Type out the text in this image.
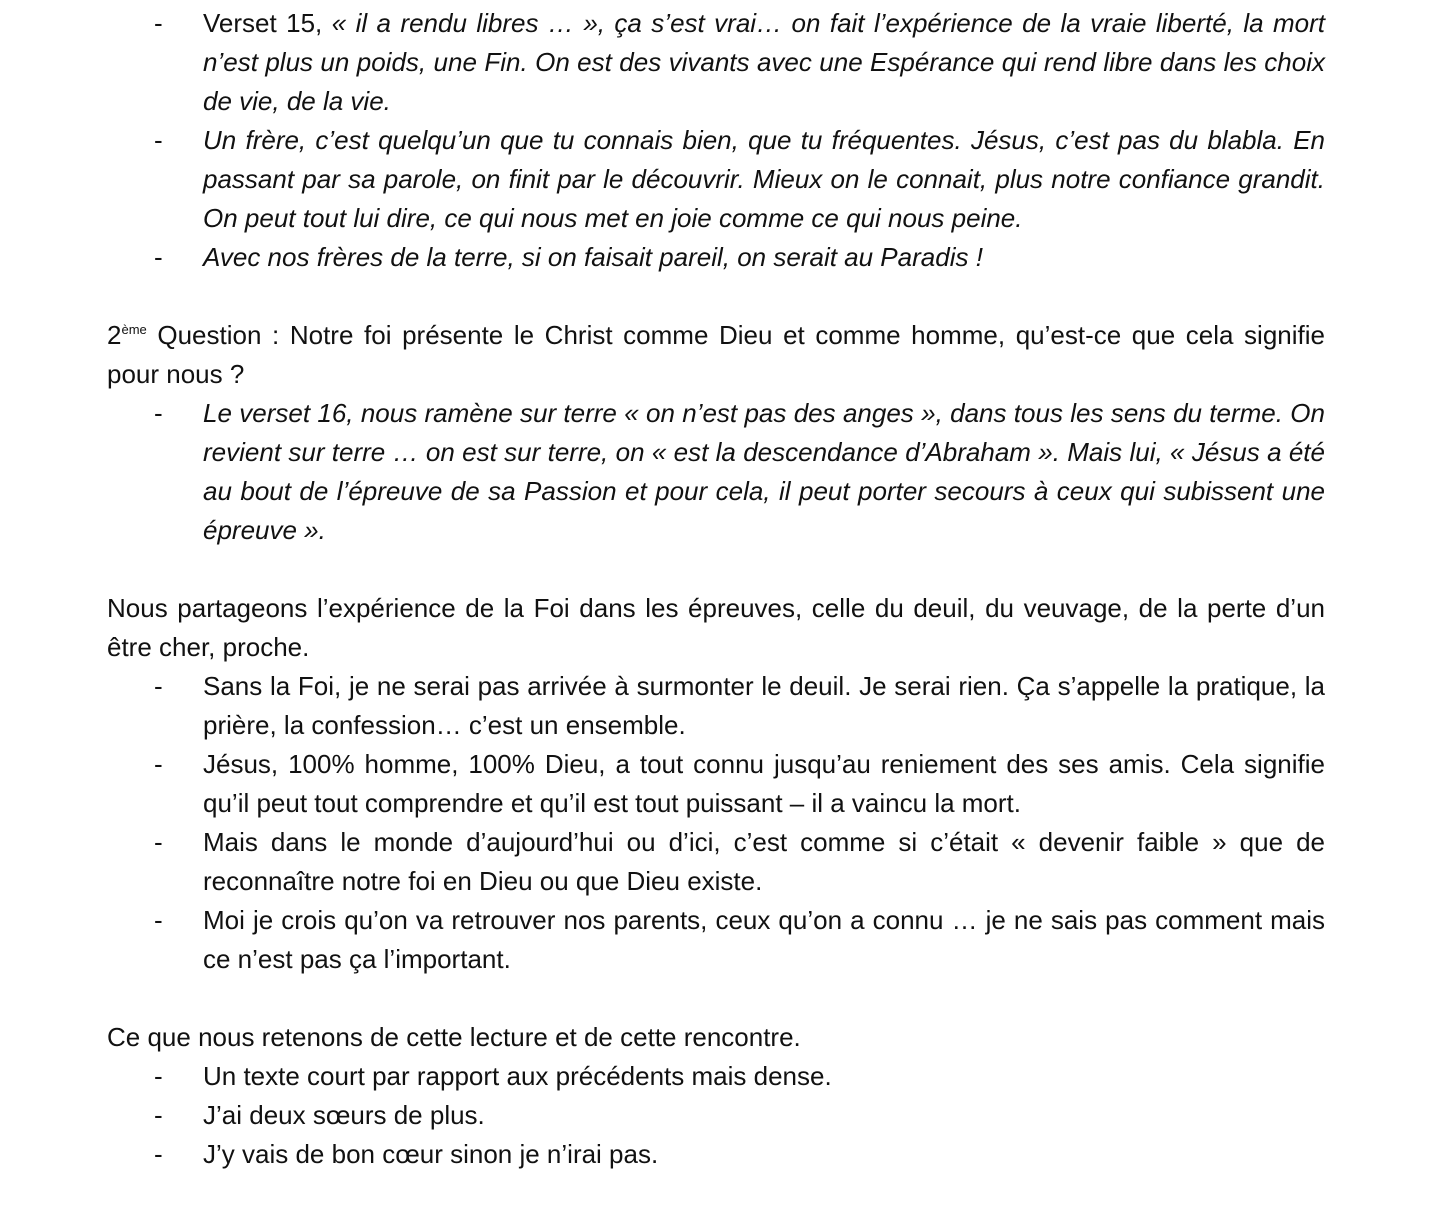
- Verset 15, « il a rendu libres … », ça s’est vrai… on fait l’expérience de la vraie liberté, la mort n’est plus un poids, une Fin. On est des vivants avec une Espérance qui rend libre dans les choix de vie, de la vie.
- Un frère, c’est quelqu’un que tu connais bien, que tu fréquentes. Jésus, c’est pas du blabla. En passant par sa parole, on finit par le découvrir. Mieux on le connait, plus notre confiance grandit. On peut tout lui dire, ce qui nous met en joie comme ce qui nous peine.
- Avec nos frères de la terre, si on faisait pareil, on serait au Paradis !

2ème Question : Notre foi présente le Christ comme Dieu et comme homme, qu’est-ce que cela signifie pour nous ?

- Le verset 16, nous ramène sur terre « on n’est pas des anges », dans tous les sens du terme. On revient sur terre … on est sur terre, on « est la descendance d’Abraham ». Mais lui, « Jésus a été au bout de l’épreuve de sa Passion et pour cela, il peut porter secours à ceux qui subissent une épreuve ».

Nous partageons l’expérience de la Foi dans les épreuves, celle du deuil, du veuvage, de la perte d’un être cher, proche.

- Sans la Foi, je ne serai pas arrivée à surmonter le deuil. Je serai rien. Ça s’appelle la pratique, la prière, la confession… c’est un ensemble.
- Jésus, 100% homme, 100% Dieu, a tout connu jusqu’au reniement des ses amis. Cela signifie qu’il peut tout comprendre et qu’il est tout puissant – il a vaincu la mort.
- Mais dans le monde d’aujourd’hui ou d’ici, c’est comme si c’était « devenir faible » que de reconnaître notre foi en Dieu ou que Dieu existe.
- Moi je crois qu’on va retrouver nos parents, ceux qu’on a connu … je ne sais pas comment mais ce n’est pas ça l’important.

Ce que nous retenons de cette lecture et de cette rencontre.

- Un texte court par rapport aux précédents mais dense.
- J’ai deux sœurs de plus.
- J’y vais de bon cœur sinon je n’irai pas.
